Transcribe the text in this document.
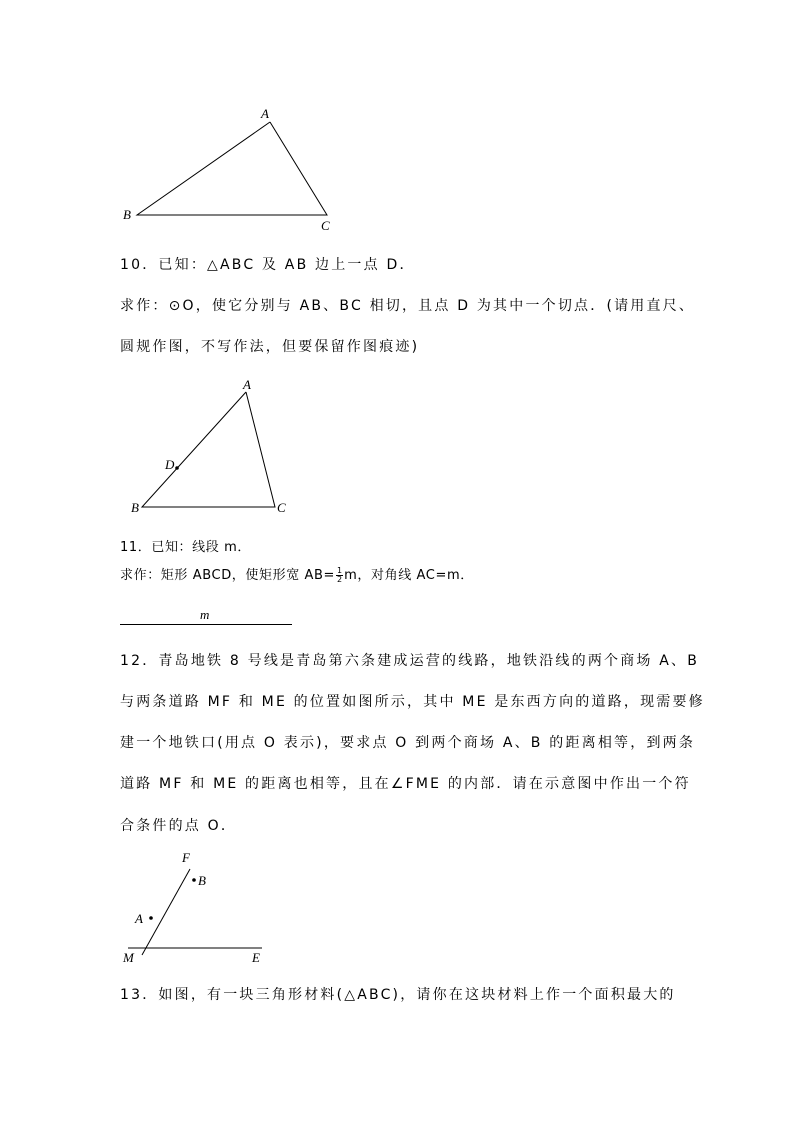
A
B
C
10．已知：△ABC 及 AB 边上一点 D．
求作：⊙O，使它分别与 AB、BC 相切，且点 D 为其中一个切点．(请用直尺、
圆规作图，不写作法，但要保留作图痕迹)
A
D
B	C
11．已知：线段 m．
求作：矩形 ABCD，使矩形宽 $AB= \frac{1}{2}$ m，对角线 AC=m．
m
12．青岛地铁 8 号线是青岛第六条建成运营的线路，地铁沿线的两个商场 A、B
与两条道路 MF 和 ME 的位置如图所示，其中 ME 是东西方向的道路，现需要修
建一个地铁口(用点 O 表示)，要求点 O 到两个商场 A、B 的距离相等，到两条
道路 MF 和 ME 的距离也相等，且在∠FME 的内部．请在示意图中作出一个符
合条件的点 O．
F
B
A
M	E
13．如图，有一块三角形材料(△ABC)，请你在这块材料上作一个面积最大的
